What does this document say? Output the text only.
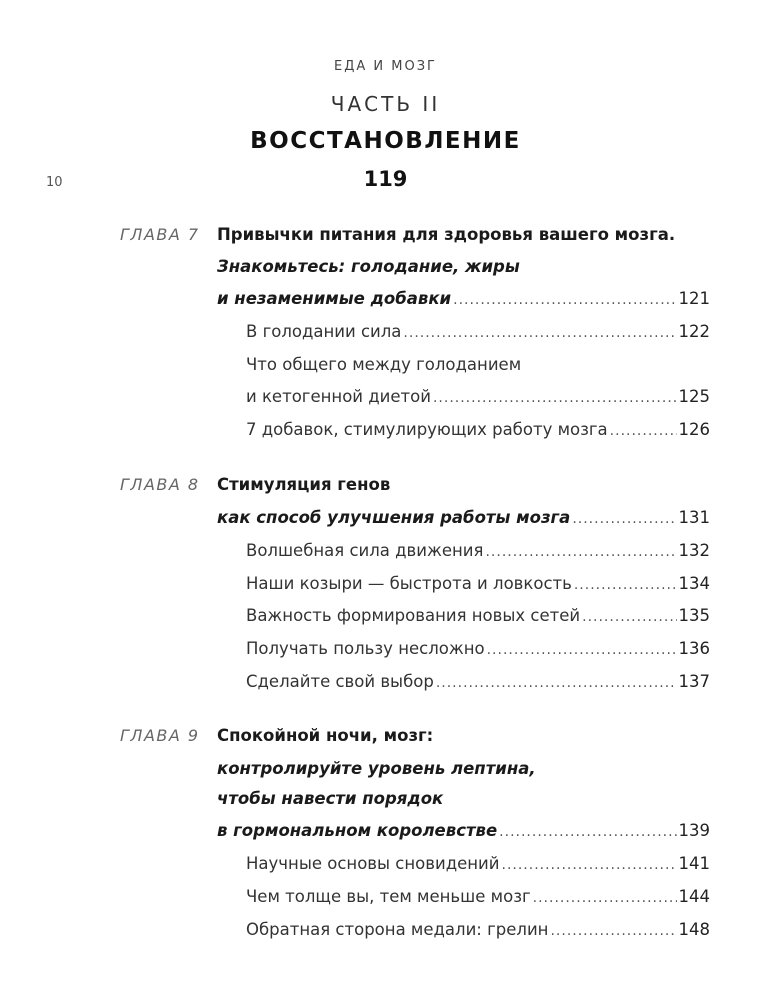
ЕДА И МОЗГ
ЧАСТЬ II
ВОССТАНОВЛЕНИЕ
119
10
ГЛАВА 7 Привычки питания для здоровья вашего мозга.
Знакомьтесь: голодание, жиры
и незаменимые добавки .....	121
В голодании сила .....	122
Что общего между голоданием
и кетогенной диетой .....	125
7 добавок, стимулирующих работу мозга .....	126
ГЛАВА 8 Стимуляция генов
как способ улучшения работы мозга .....	131
Волшебная сила движения .....	132
Наши козыри — быстрота и ловкость .....	134
Важность формирования новых сетей .....	135
Получать пользу несложно .....	136
Сделайте свой выбор .....	137
ГЛАВА 9 Спокойной ночи, мозг:
контролируйте уровень лептина,
чтобы навести порядок
в гормональном королевстве .....	139
Научные основы сновидений .....	141
Чем толще вы, тем меньше мозг .....	144
Обратная сторона медали: грелин .....	148
